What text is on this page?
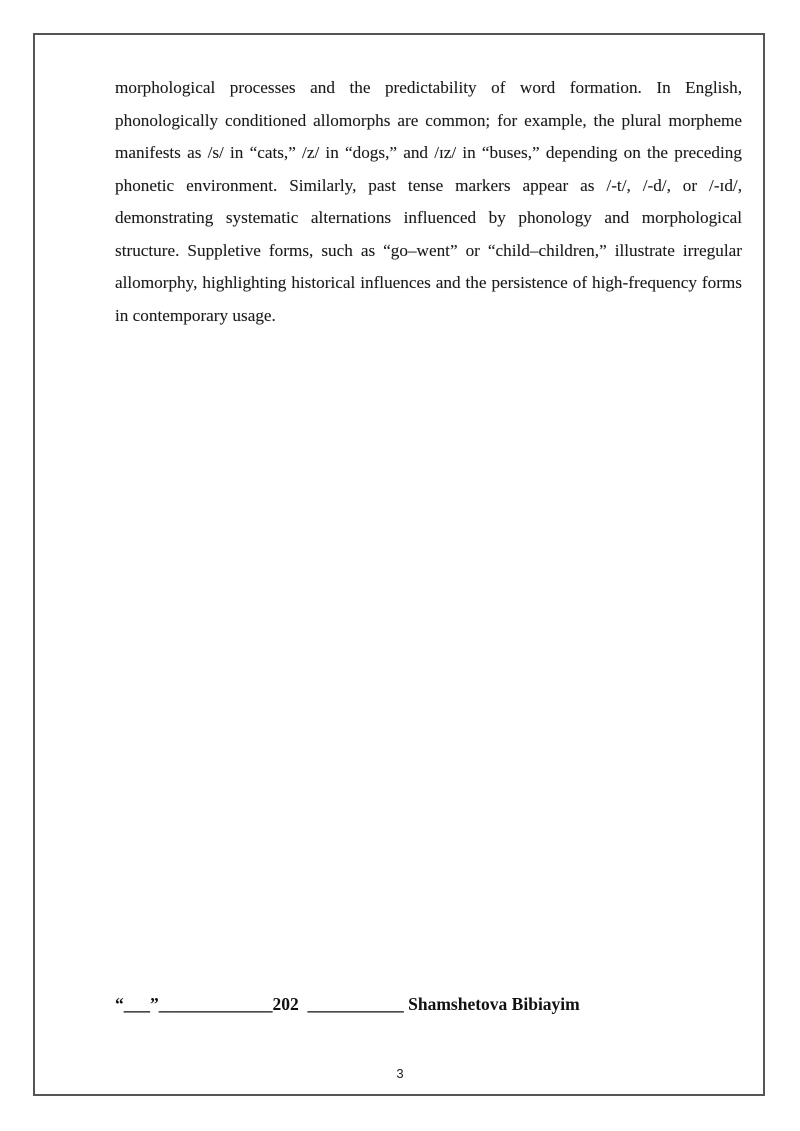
morphological processes and the predictability of word formation. In English, phonologically conditioned allomorphs are common; for example, the plural morpheme manifests as /s/ in “cats,” /z/ in “dogs,” and /ɪz/ in “buses,” depending on the preceding phonetic environment. Similarly, past tense markers appear as /-t/, /-d/, or /-ɪd/, demonstrating systematic alternations influenced by phonology and morphological structure. Suppletive forms, such as “go–went” or “child–children,” illustrate irregular allomorphy, highlighting historical influences and the persistence of high-frequency forms in contemporary usage.

“___”_____________202  ___________ Shamshetova Bibiayim
3
